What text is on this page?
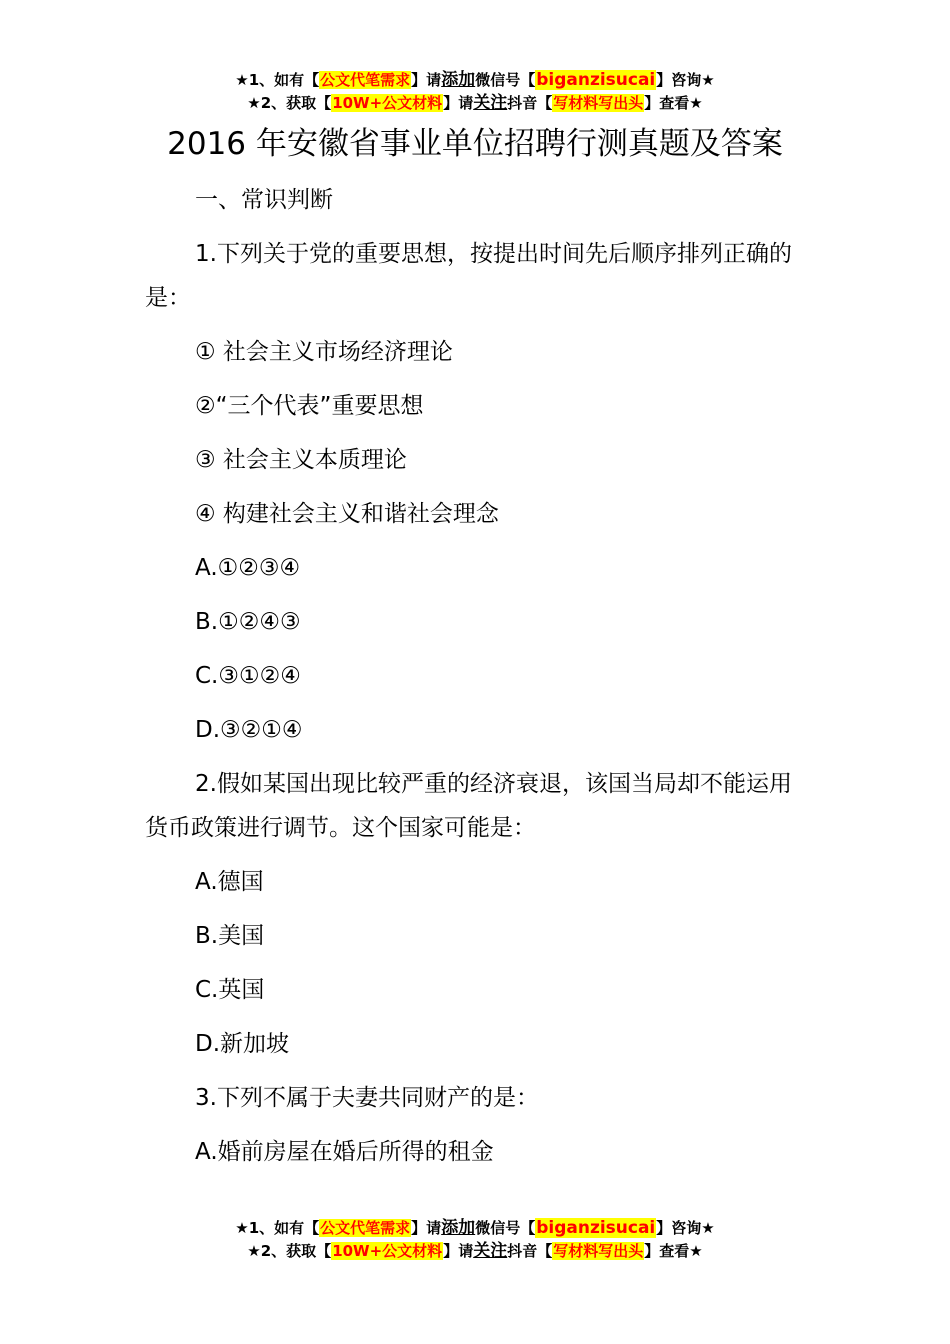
★1、如有【公文代笔需求】请添加微信号【biganzisucai】咨询★
★2、获取【10W+公文材料】请关注抖音【写材料写出头】查看★
2016 年安徽省事业单位招聘行测真题及答案

一、常识判断

1.下列关于党的重要思想，按提出时间先后顺序排列正确的是：

① 社会主义市场经济理论

②“三个代表”重要思想

③ 社会主义本质理论

④ 构建社会主义和谐社会理念

A.①②③④

B.①②④③

C.③①②④

D.③②①④

2.假如某国出现比较严重的经济衰退，该国当局却不能运用货币政策进行调节。这个国家可能是：

A.德国

B.美国

C.英国

D.新加坡

3.下列不属于夫妻共同财产的是：

A.婚前房屋在婚后所得的租金

★1、如有【公文代笔需求】请添加微信号【biganzisucai】咨询★
★2、获取【10W+公文材料】请关注抖音【写材料写出头】查看★
